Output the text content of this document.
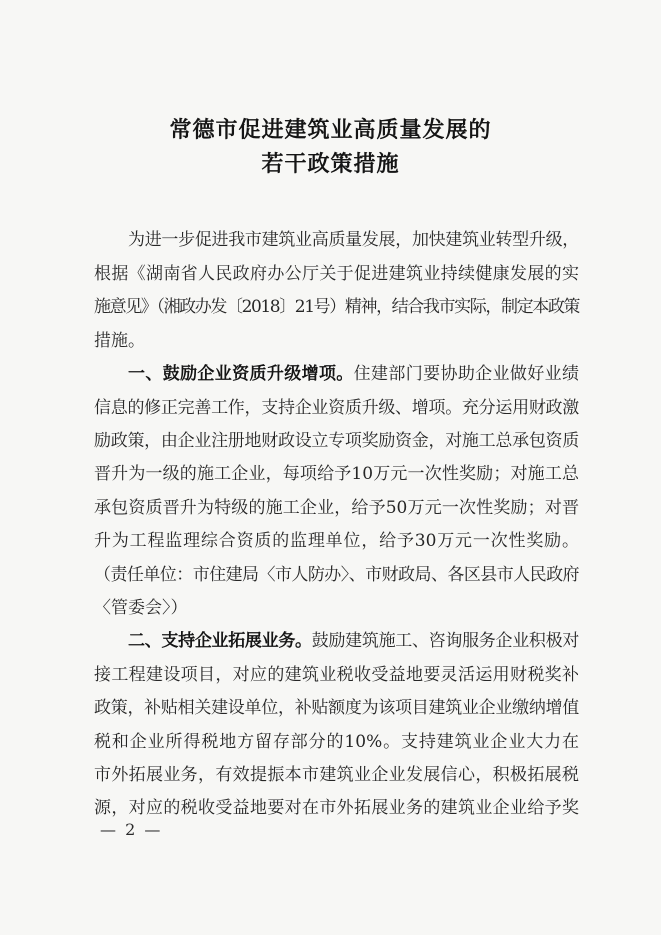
常德市促进建筑业高质量发展的
若干政策措施
为进一步促进我市建筑业高质量发展，加快建筑业转型升级，
根据《湖南省人民政府办公厅关于促进建筑业持续健康发展的实
施意见》（湘政办发〔2018〕21号）精神，结合我市实际，制定本政策
措施。
一、鼓励企业资质升级增项。住建部门要协助企业做好业绩
信息的修正完善工作，支持企业资质升级、增项。充分运用财政激
励政策，由企业注册地财政设立专项奖励资金，对施工总承包资质
晋升为一级的施工企业，每项给予10万元一次性奖励；对施工总
承包资质晋升为特级的施工企业，给予50万元一次性奖励；对晋
升为工程监理综合资质的监理单位，给予30万元一次性奖励。
（责任单位：市住建局〈市人防办〉、市财政局、各区县市人民政府
〈管委会〉）
二、支持企业拓展业务。鼓励建筑施工、咨询服务企业积极对
接工程建设项目，对应的建筑业税收受益地要灵活运用财税奖补
政策，补贴相关建设单位，补贴额度为该项目建筑业企业缴纳增值
税和企业所得税地方留存部分的10%。支持建筑业企业大力在
市外拓展业务，有效提振本市建筑业企业发展信心，积极拓展税
源，对应的税收受益地要对在市外拓展业务的建筑业企业给予奖
— 2 —
